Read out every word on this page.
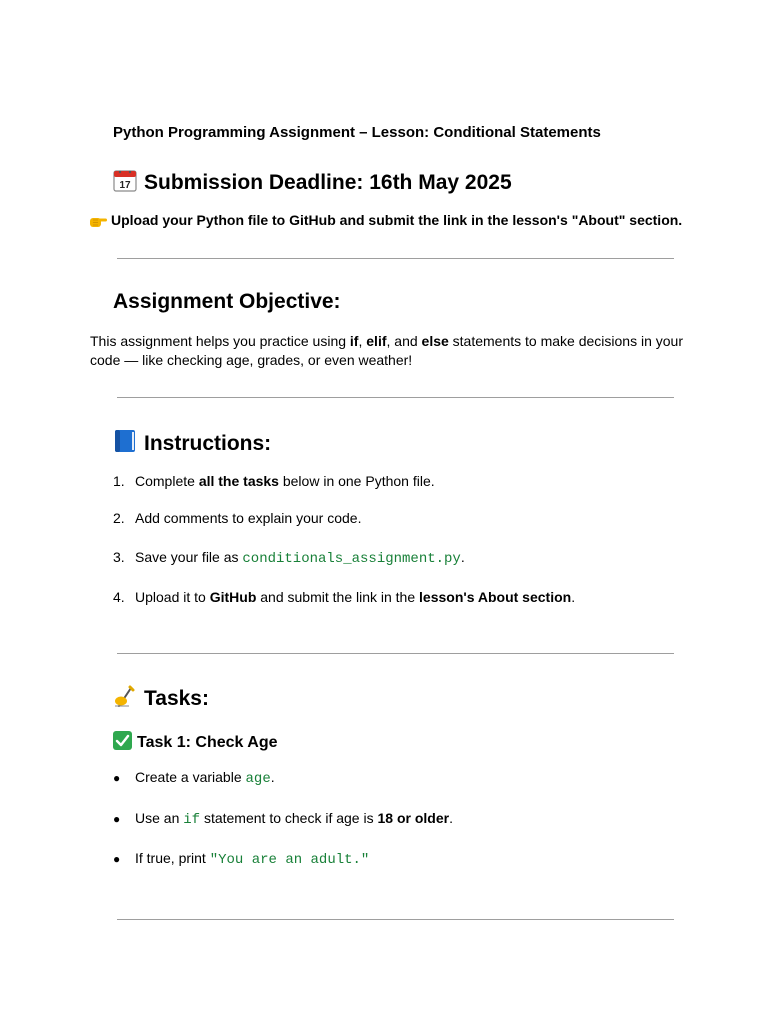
Python Programming Assignment – Lesson: Conditional Statements
17 Submission Deadline: 16th May 2025
Upload your Python file to GitHub and submit the link in the lesson's "About" section.
Assignment Objective:
This assignment helps you practice using if, elif, and else statements to make decisions in your code — like checking age, grades, or even weather!
Instructions:
1. Complete all the tasks below in one Python file.
2. Add comments to explain your code.
3. Save your file as conditionals_assignment.py.
4. Upload it to GitHub and submit the link in the lesson's About section.
Tasks:
Task 1: Check Age
● Create a variable age.
● Use an if statement to check if age is 18 or older.
● If true, print "You are an adult."
